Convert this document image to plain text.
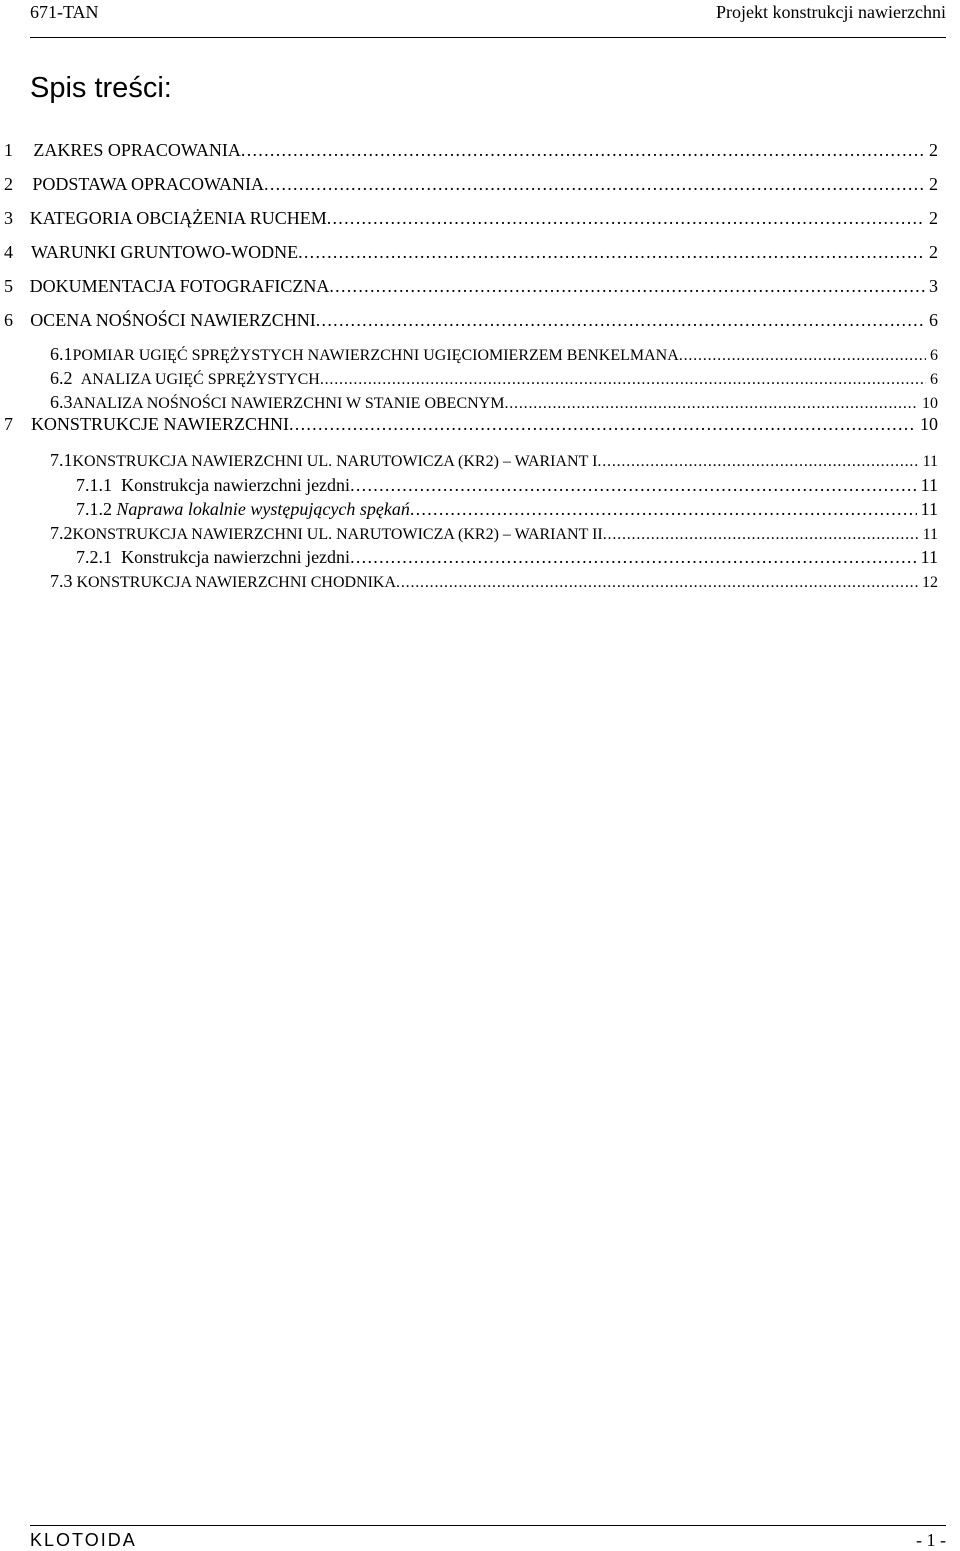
671-TAN	Projekt konstrukcji nawierzchni
Spis treści:
1	ZAKRES OPRACOWANIA . . .	2
2	PODSTAWA OPRACOWANIA . . .	2
3 KATEGORIA OBCIĄŻENIA RUCHEM . . .	2
4 WARUNKI GRUNTOWO-WODNE . . .	2
5 DOKUMENTACJA FOTOGRAFICZNA . . .	3
6 OCENA NOŚNOŚCI NAWIERZCHNI . . .	6
6.1 POMIAR UGIĘĆ SPRĘŻYSTYCH NAWIERZCHNI UGIĘCIOMIERZEM BENKELMANA . . .	6
6.2 ANALIZA UGIĘĆ SPRĘŻYSTYCH . . .	6
6.3 ANALIZA NOŚNOŚCI NAWIERZCHNI W STANIE OBECNYM . . .	10
7 KONSTRUKCJE NAWIERZCHNI . . .	10
7.1 KONSTRUKCJA NAWIERZCHNI UL. NARUTOWICZA (KR2) – WARIANT I . . .	11
7.1.1 Konstrukcja nawierzchni jezdni . . .	11
7.1.2 Naprawa lokalnie występujących spękań . . .	11
7.2 KONSTRUKCJA NAWIERZCHNI UL. NARUTOWICZA (KR2) – WARIANT II . . .	11
7.2.1 Konstrukcja nawierzchni jezdni . . .	11
7.3 KONSTRUKCJA NAWIERZCHNI CHODNIKA . . .	12
KLOTOIDA	- 1 -
